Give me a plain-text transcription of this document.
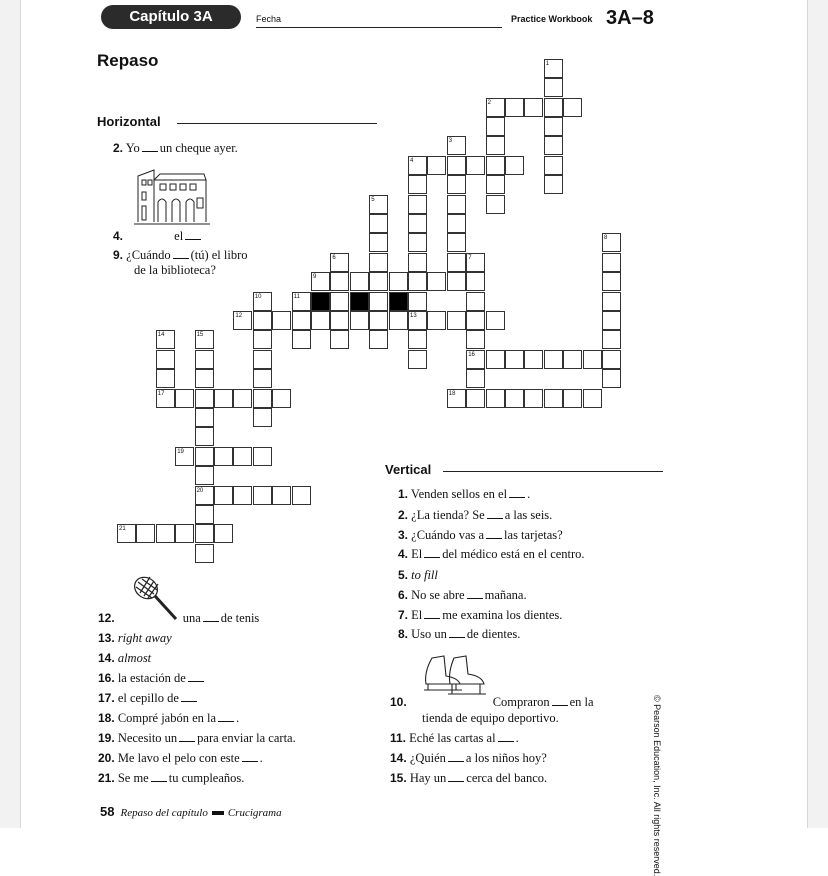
Capítulo 3A	Fecha	Practice Workbook 3A–8
Repaso
Horizontal
1
2
3
4
5
6	7
8
9
10	11
12	13
14	15
16
17	18
19
20
21
2. Yo un cheque ayer.
4.	el
9. ¿Cuándo (tú) el libro
de la biblioteca?
12.	una de tenis
13. right away
14. almost
16. la estación de
17. el cepillo de
18. Compré jabón en la .
19. Necesito un para enviar la carta.
20. Me lavo el pelo con este .
21. Se me tu cumpleaños.
Vertical
1. Venden sellos en el .
2. ¿La tienda? Se a las seis.
3. ¿Cuándo vas a las tarjetas?
4. El del médico está en el centro.
5. to fill
6. No se abre mañana.
7. El me examina los dientes.
8. Uso un de dientes.
10.	Compraron en la
tienda de equipo deportivo.
11. Eché las cartas al .
14. ¿Quién a los niños hoy?
15. Hay un cerca del banco.	© Pearson Education, Inc. All rights reserved.
58 Repaso del capítulo Crucigrama
